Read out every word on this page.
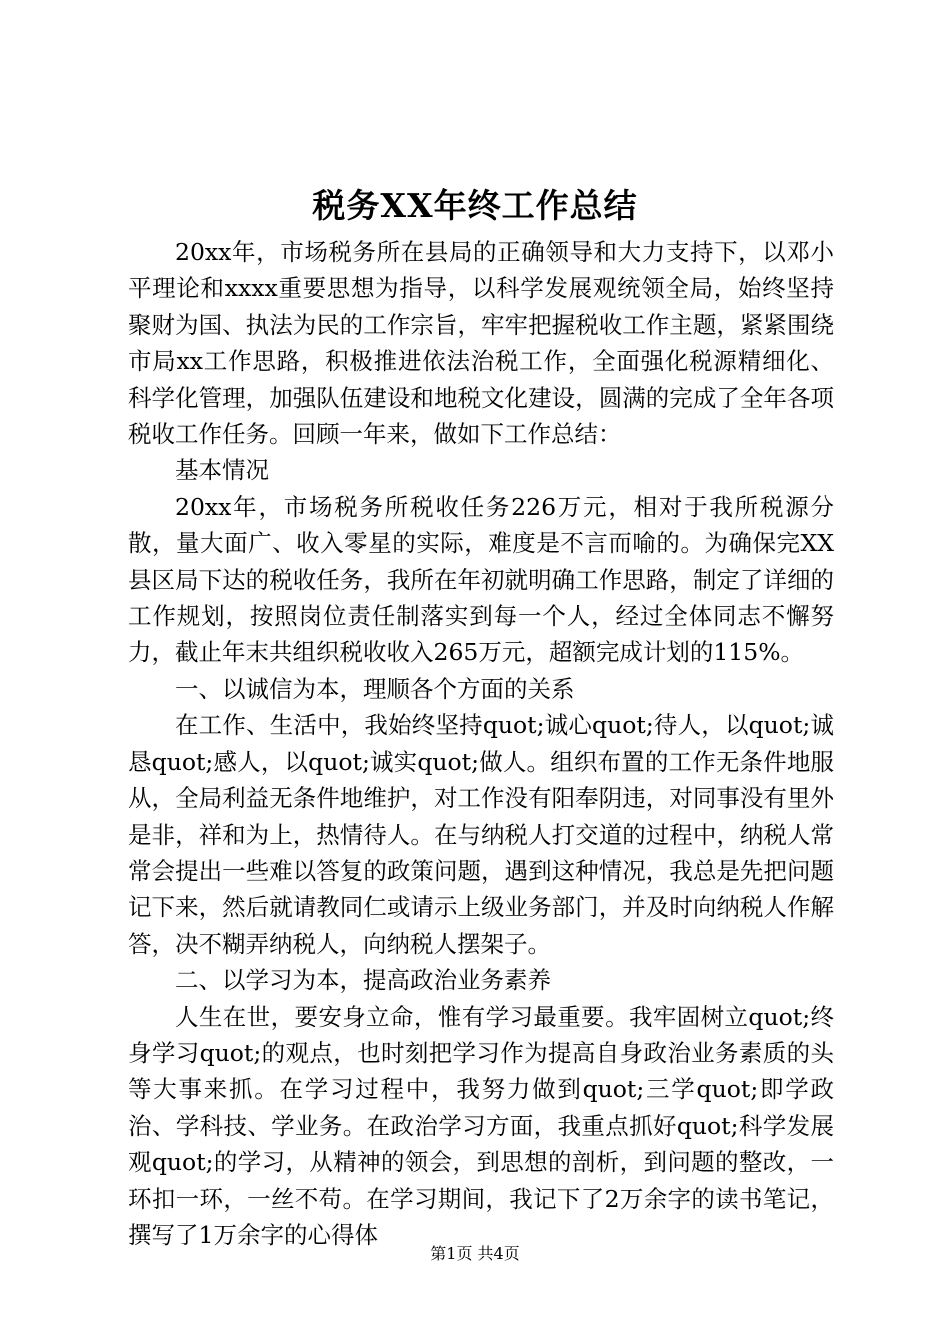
税务XX年终工作总结

20xx年，市场税务所在县局的正确领导和大力支持下，以邓小平理论和xxxx重要思想为指导，以科学发展观统领全局，始终坚持聚财为国、执法为民的工作宗旨，牢牢把握税收工作主题，紧紧围绕市局xx工作思路，积极推进依法治税工作，全面强化税源精细化、科学化管理，加强队伍建设和地税文化建设，圆满的完成了全年各项税收工作任务。回顾一年来，做如下工作总结：

基本情况

20xx年，市场税务所税收任务226万元，相对于我所税源分散，量大面广、收入零星的实际，难度是不言而喻的。为确保完XX县区局下达的税收任务，我所在年初就明确工作思路，制定了详细的工作规划，按照岗位责任制落实到每一个人，经过全体同志不懈努力，截止年末共组织税收收入265万元，超额完成计划的115%。

一、以诚信为本，理顺各个方面的关系

在工作、生活中，我始终坚持quot;诚心quot;待人，以quot;诚恳quot;感人，以quot;诚实quot;做人。组织布置的工作无条件地服从，全局利益无条件地维护，对工作没有阳奉阴违，对同事没有里外是非，祥和为上，热情待人。在与纳税人打交道的过程中，纳税人常常会提出一些难以答复的政策问题，遇到这种情况，我总是先把问题记下来，然后就请教同仁或请示上级业务部门，并及时向纳税人作解答，决不糊弄纳税人，向纳税人摆架子。

二、以学习为本，提高政治业务素养

人生在世，要安身立命，惟有学习最重要。我牢固树立quot;终身学习quot;的观点，也时刻把学习作为提高自身政治业务素质的头等大事来抓。在学习过程中，我努力做到quot;三学quot;即学政治、学科技、学业务。在政治学习方面，我重点抓好quot;科学发展观quot;的学习，从精神的领会，到思想的剖析，到问题的整改，一环扣一环，一丝不苟。在学习期间，我记下了2万余字的读书笔记，撰写了1万余字的心得体

第1页 共4页
